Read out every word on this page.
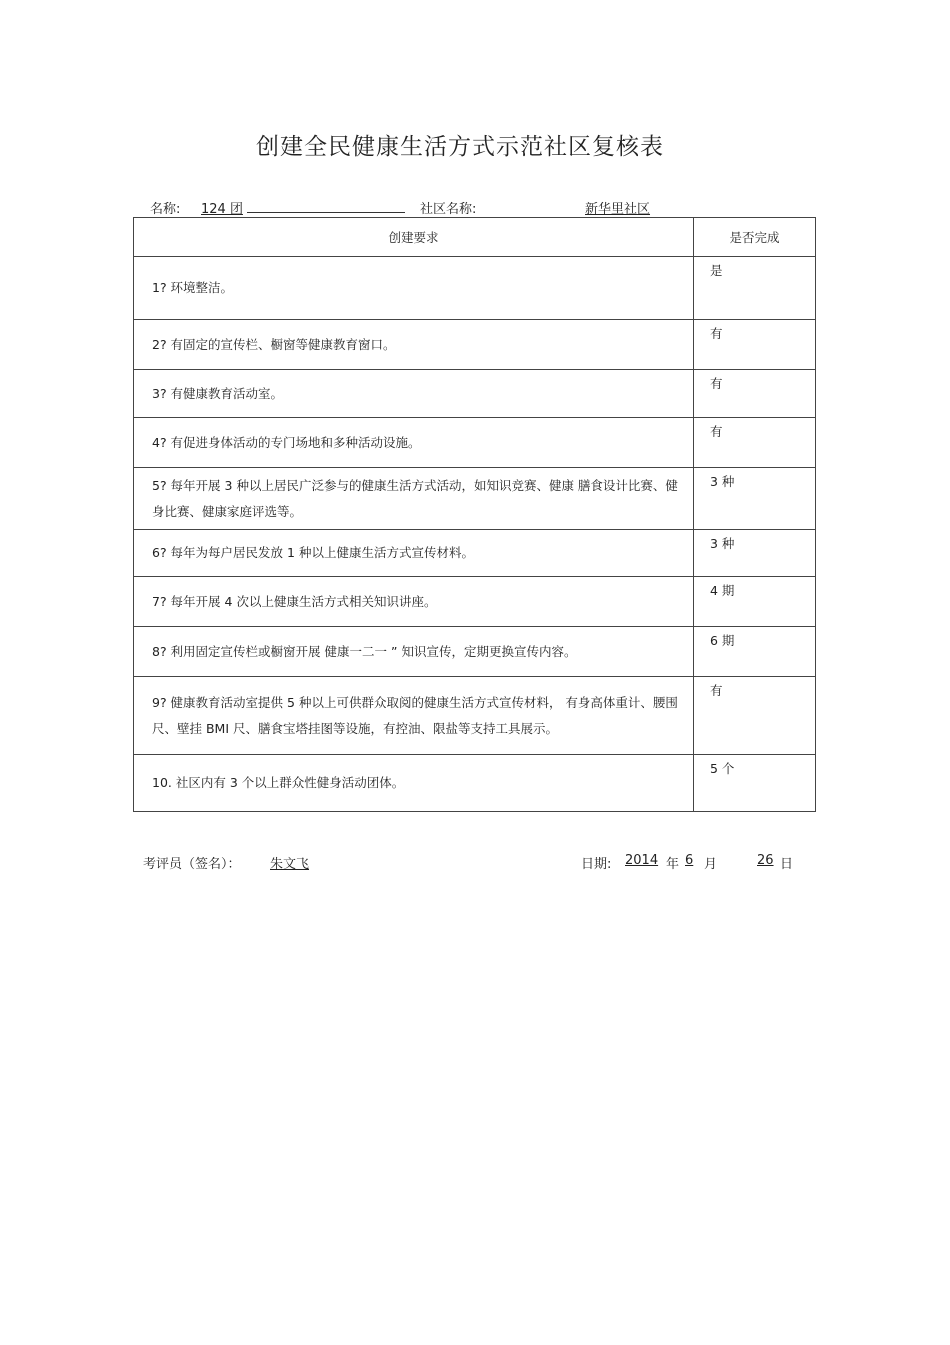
创建全民健康生活方式示范社区复核表
名称: 124 团	社区名称:	新华里社区
创建要求	是否完成
1? 环境整洁。	是
2? 有固定的宣传栏、橱窗等健康教育窗口。	有
3? 有健康教育活动室。	有
4? 有促进身体活动的专门场地和多种活动设施。	有
5? 每年开展 3 种以上居民广泛参与的健康生活方式活动，如知识竞赛、健康 膳食设计比赛、健身比赛、健康家庭评选等。	3 种
6? 每年为每户居民发放 1 种以上健康生活方式宣传材料。	3 种
7? 每年开展 4 次以上健康生活方式相关知识讲座。	4 期
8? 利用固定宣传栏或橱窗开展 健康一二一 ” 知识宣传，定期更换宣传内容。	6 期
9? 健康教育活动室提供 5 种以上可供群众取阅的健康生活方式宣传材料， 有身高体重计、腰围尺、壁挂 BMI 尺、膳食宝塔挂图等设施，有控油、限盐等支持工具展示。	有
10. 社区内有 3 个以上群众性健身活动团体。	5 个
考评员（签名）： 朱文飞	日期: 2014 年 6 月	26 日
